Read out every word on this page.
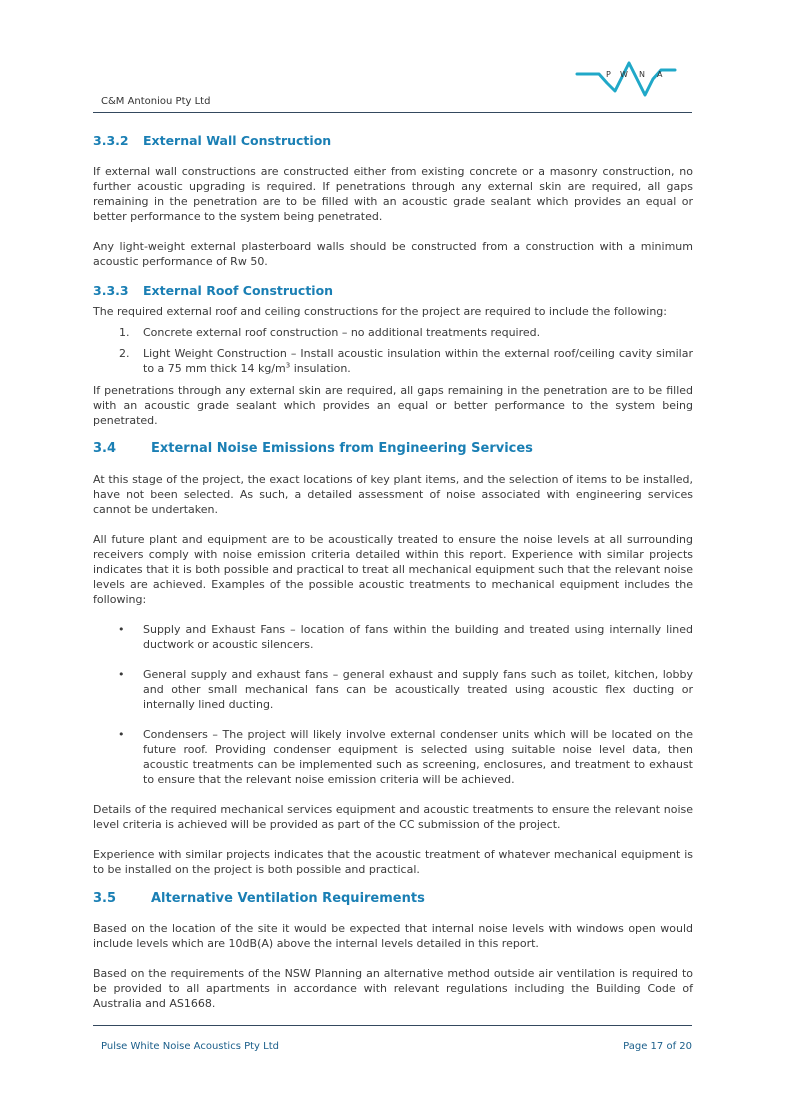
C&M Antoniou Pty Ltd
P W N A
3.3.2 External Wall Construction

If external wall constructions are constructed either from existing concrete or a masonry construction, no further acoustic upgrading is required. If penetrations through any external skin are required, all gaps remaining in the penetration are to be filled with an acoustic grade sealant which provides an equal or better performance to the system being penetrated.

Any light-weight external plasterboard walls should be constructed from a construction with a minimum acoustic performance of Rw 50.

3.3.3 External Roof Construction

The required external roof and ceiling constructions for the project are required to include the following:

1. Concrete external roof construction – no additional treatments required.
2. Light Weight Construction – Install acoustic insulation within the external roof/ceiling cavity similar to a 75 mm thick 14 $kg/m^3$ insulation.

If penetrations through any external skin are required, all gaps remaining in the penetration are to be filled with an acoustic grade sealant which provides an equal or better performance to the system being penetrated.

3.4	External Noise Emissions from Engineering Services

At this stage of the project, the exact locations of key plant items, and the selection of items to be installed, have not been selected. As such, a detailed assessment of noise associated with engineering services cannot be undertaken.

All future plant and equipment are to be acoustically treated to ensure the noise levels at all surrounding receivers comply with noise emission criteria detailed within this report. Experience with similar projects indicates that it is both possible and practical to treat all mechanical equipment such that the relevant noise levels are achieved. Examples of the possible acoustic treatments to mechanical equipment includes the following:

• Supply and Exhaust Fans – location of fans within the building and treated using internally lined ductwork or acoustic silencers.
• General supply and exhaust fans – general exhaust and supply fans such as toilet, kitchen, lobby and other small mechanical fans can be acoustically treated using acoustic flex ducting or internally lined ducting.
• Condensers – The project will likely involve external condenser units which will be located on the future roof. Providing condenser equipment is selected using suitable noise level data, then acoustic treatments can be implemented such as screening, enclosures, and treatment to exhaust to ensure that the relevant noise emission criteria will be achieved.

Details of the required mechanical services equipment and acoustic treatments to ensure the relevant noise level criteria is achieved will be provided as part of the CC submission of the project.

Experience with similar projects indicates that the acoustic treatment of whatever mechanical equipment is to be installed on the project is both possible and practical.

3.5	Alternative Ventilation Requirements

Based on the location of the site it would be expected that internal noise levels with windows open would include levels which are 10dB(A) above the internal levels detailed in this report.

Based on the requirements of the NSW Planning an alternative method outside air ventilation is required to be provided to all apartments in accordance with relevant regulations including the Building Code of Australia and AS1668.

Pulse White Noise Acoustics Pty Ltd	Page 17 of 20
